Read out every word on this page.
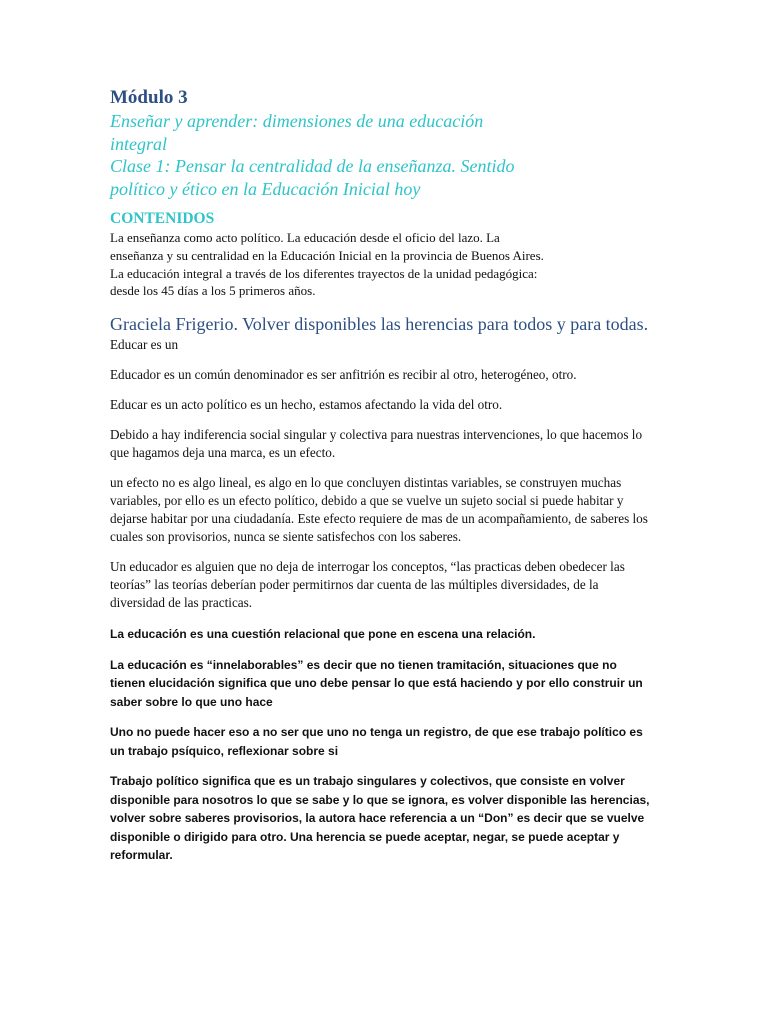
Módulo 3
Enseñar y aprender: dimensiones de una educación
integral
Clase 1: Pensar la centralidad de la enseñanza. Sentido
político y ético en la Educación Inicial hoy
CONTENIDOS
La enseñanza como acto político. La educación desde el oficio del lazo. La enseñanza y su centralidad en la Educación Inicial en la provincia de Buenos Aires. La educación integral a través de los diferentes trayectos de la unidad pedagógica: desde los 45 días a los 5 primeros años.
Graciela Frigerio. Volver disponibles las herencias para todos y para todas.
Educar es un
Educador es un común denominador es ser anfitrión es recibir al otro, heterogéneo, otro.
Educar es un acto político es un hecho, estamos afectando la vida del otro.
Debido a hay indiferencia social singular y colectiva para nuestras intervenciones, lo que hacemos lo que hagamos deja una marca, es un efecto.
un efecto no es algo lineal, es algo en lo que concluyen distintas variables, se construyen muchas variables, por ello es un efecto político, debido a que se vuelve un sujeto social si puede habitar y dejarse habitar por una ciudadanía. Este efecto requiere de mas de un acompañamiento, de saberes los cuales son provisorios, nunca se siente satisfechos con los saberes.
Un educador es alguien que no deja de interrogar los conceptos, “las practicas deben obedecer las teorías” las teorías deberían poder permitirnos dar cuenta de las múltiples diversidades, de la diversidad de las practicas.
La educación es una cuestión relacional que pone en escena una relación.
La educación es “innelaborables” es decir que no tienen tramitación, situaciones que no tienen elucidación significa que uno debe pensar lo que está haciendo y por ello construir un saber sobre lo que uno hace
Uno no puede hacer eso a no ser que uno no tenga un registro, de que ese trabajo político es un trabajo psíquico, reflexionar sobre si
Trabajo político significa que es un trabajo singulares y colectivos, que consiste en volver disponible para nosotros lo que se sabe y lo que se ignora, es volver disponible las herencias, volver sobre saberes provisorios, la autora hace referencia a un “Don” es decir que se vuelve disponible o dirigido para otro. Una herencia se puede aceptar, negar, se puede aceptar y reformular.
